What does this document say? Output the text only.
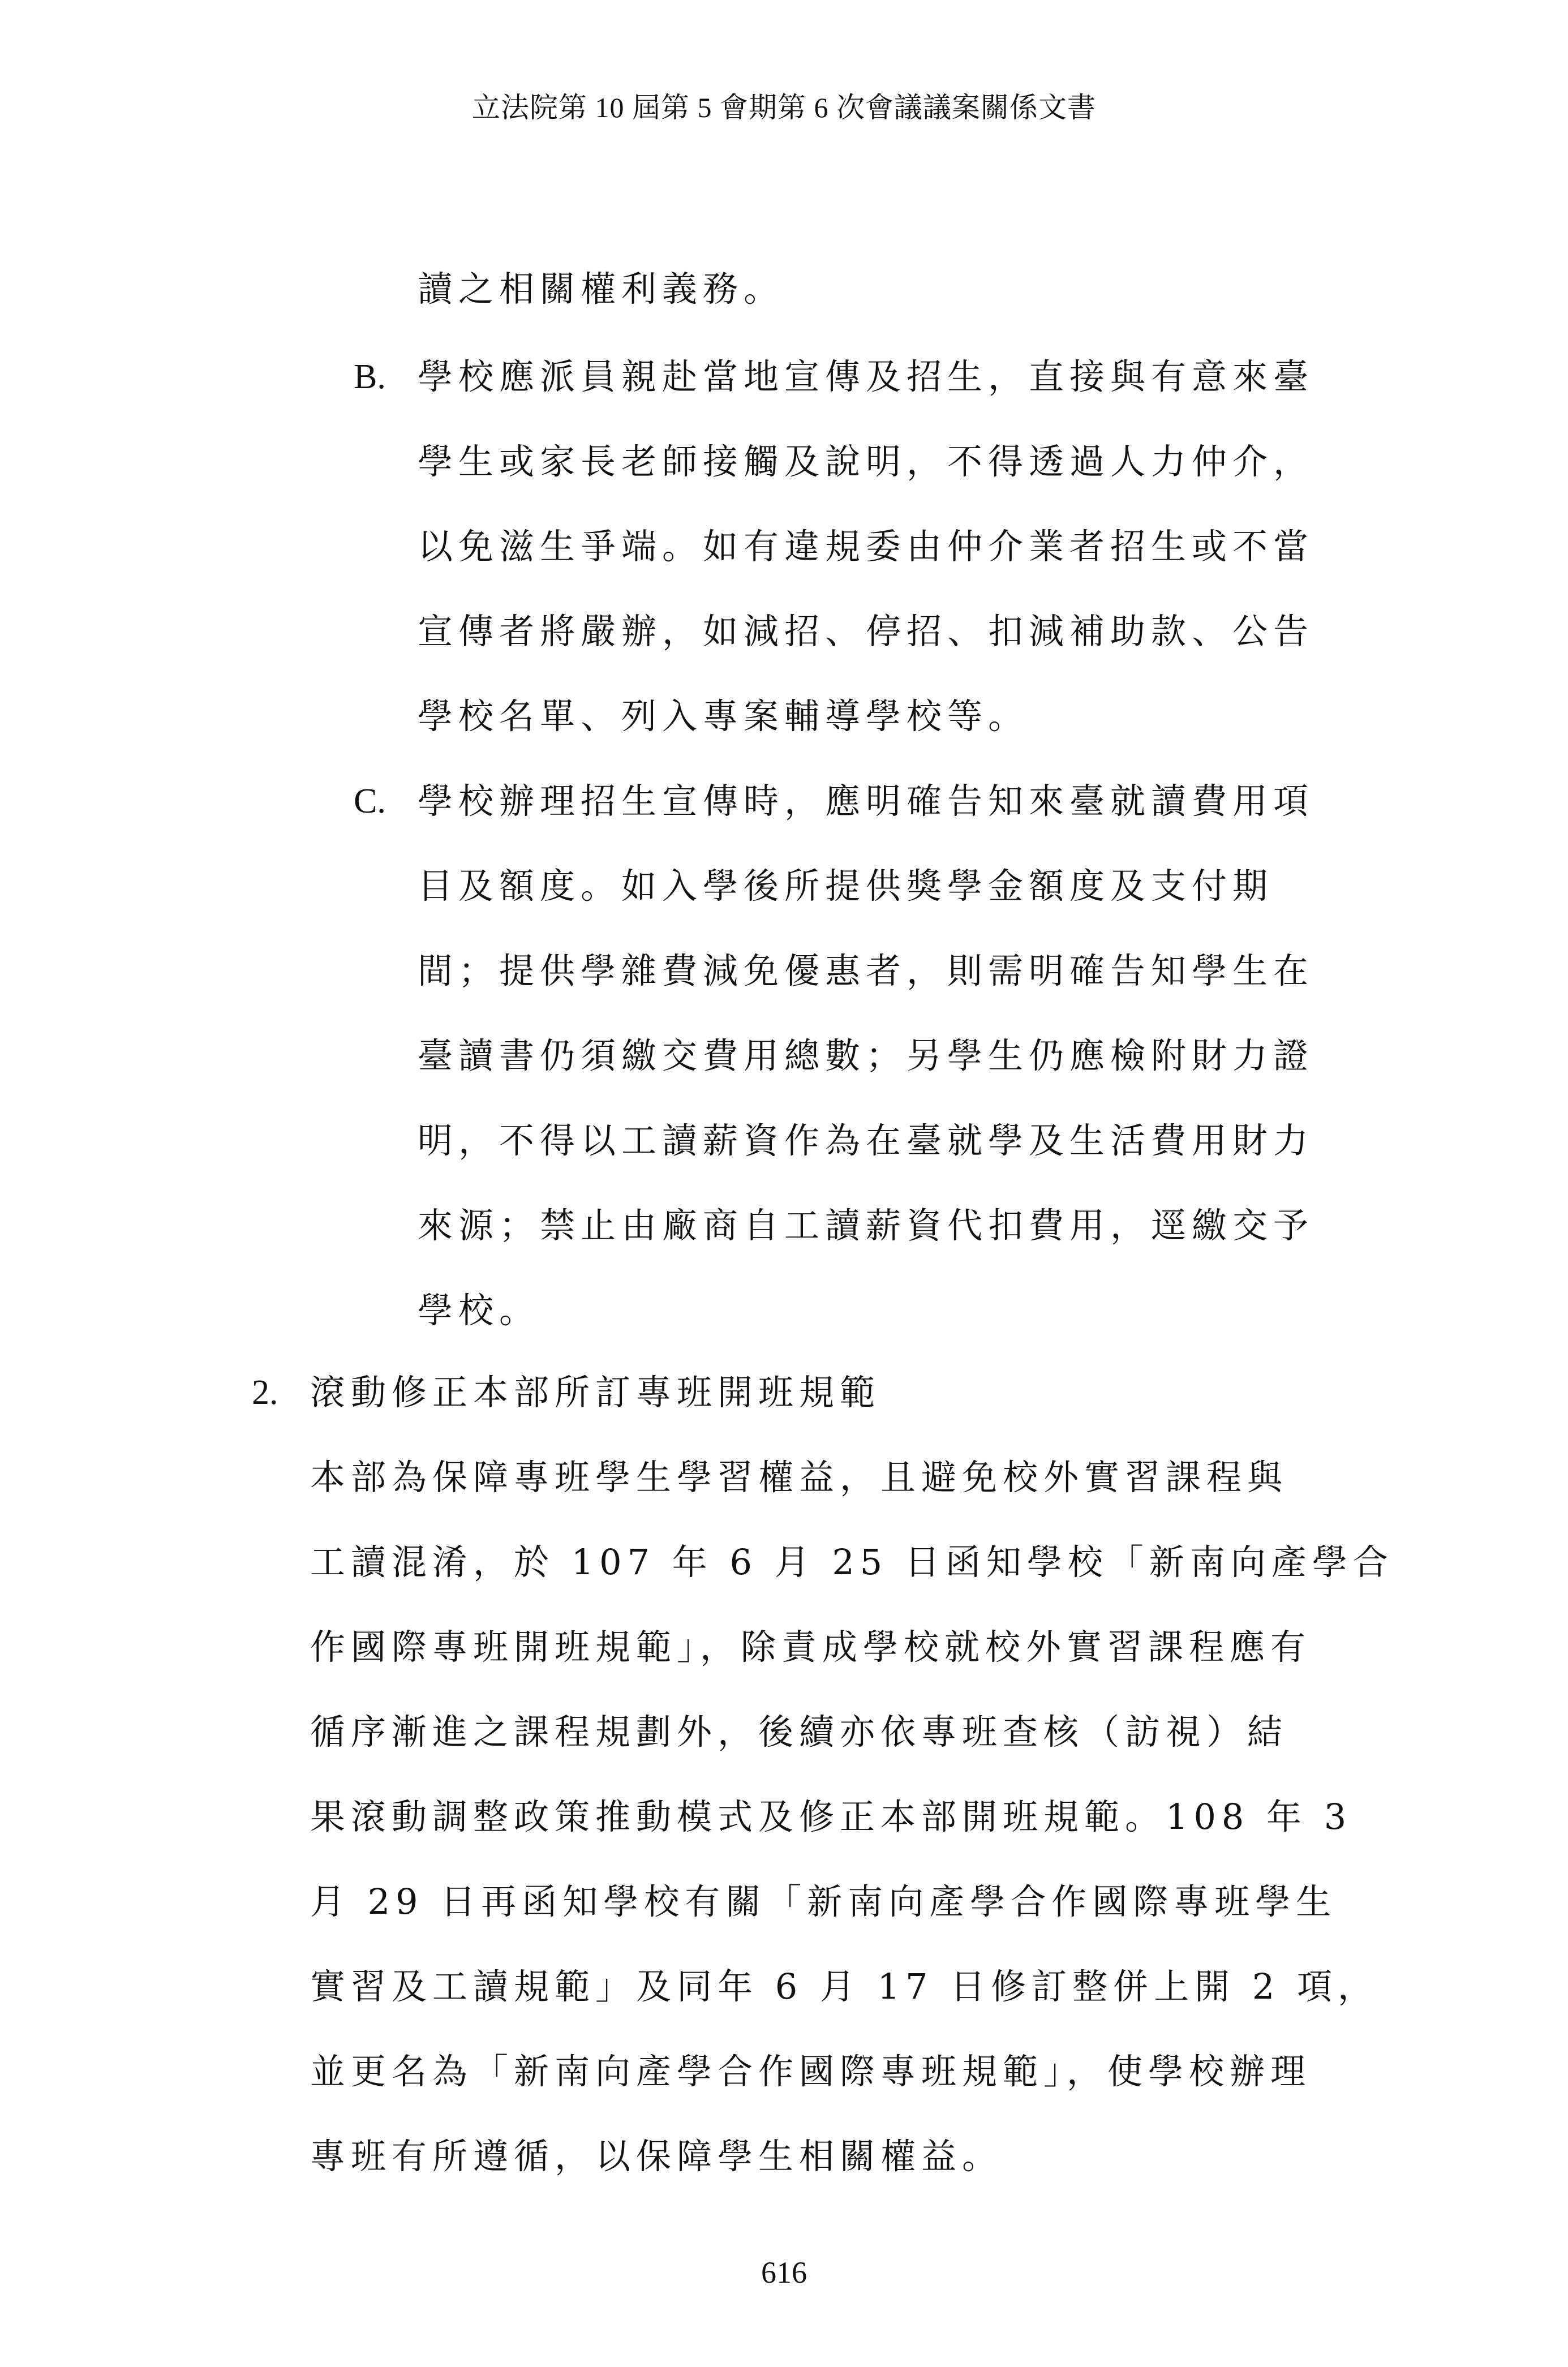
立法院第 10 屆第 5 會期第 6 次會議議案關係文書
讀之相關權利義務。
B. 學校應派員親赴當地宣傳及招生，直接與有意來臺
學生或家長老師接觸及說明，不得透過人力仲介，
以免滋生爭端。如有違規委由仲介業者招生或不當
宣傳者將嚴辦，如減招、停招、扣減補助款、公告
學校名單、列入專案輔導學校等。
C. 學校辦理招生宣傳時，應明確告知來臺就讀費用項
目及額度。如入學後所提供獎學金額度及支付期
間；提供學雜費減免優惠者，則需明確告知學生在
臺讀書仍須繳交費用總數；另學生仍應檢附財力證
明，不得以工讀薪資作為在臺就學及生活費用財力
來源；禁止由廠商自工讀薪資代扣費用，逕繳交予
學校。
2. 滾動修正本部所訂專班開班規範
本部為保障專班學生學習權益，且避免校外實習課程與
工讀混淆，於 107 年 6 月 25 日函知學校「新南向產學合
作國際專班開班規範」，除責成學校就校外實習課程應有
循序漸進之課程規劃外，後續亦依專班查核（訪視）結
果滾動調整政策推動模式及修正本部開班規範。108 年 3
月 29 日再函知學校有關「新南向產學合作國際專班學生
實習及工讀規範」及同年 6 月 17 日修訂整併上開 2 項，
並更名為「新南向產學合作國際專班規範」，使學校辦理
專班有所遵循，以保障學生相關權益。
616
